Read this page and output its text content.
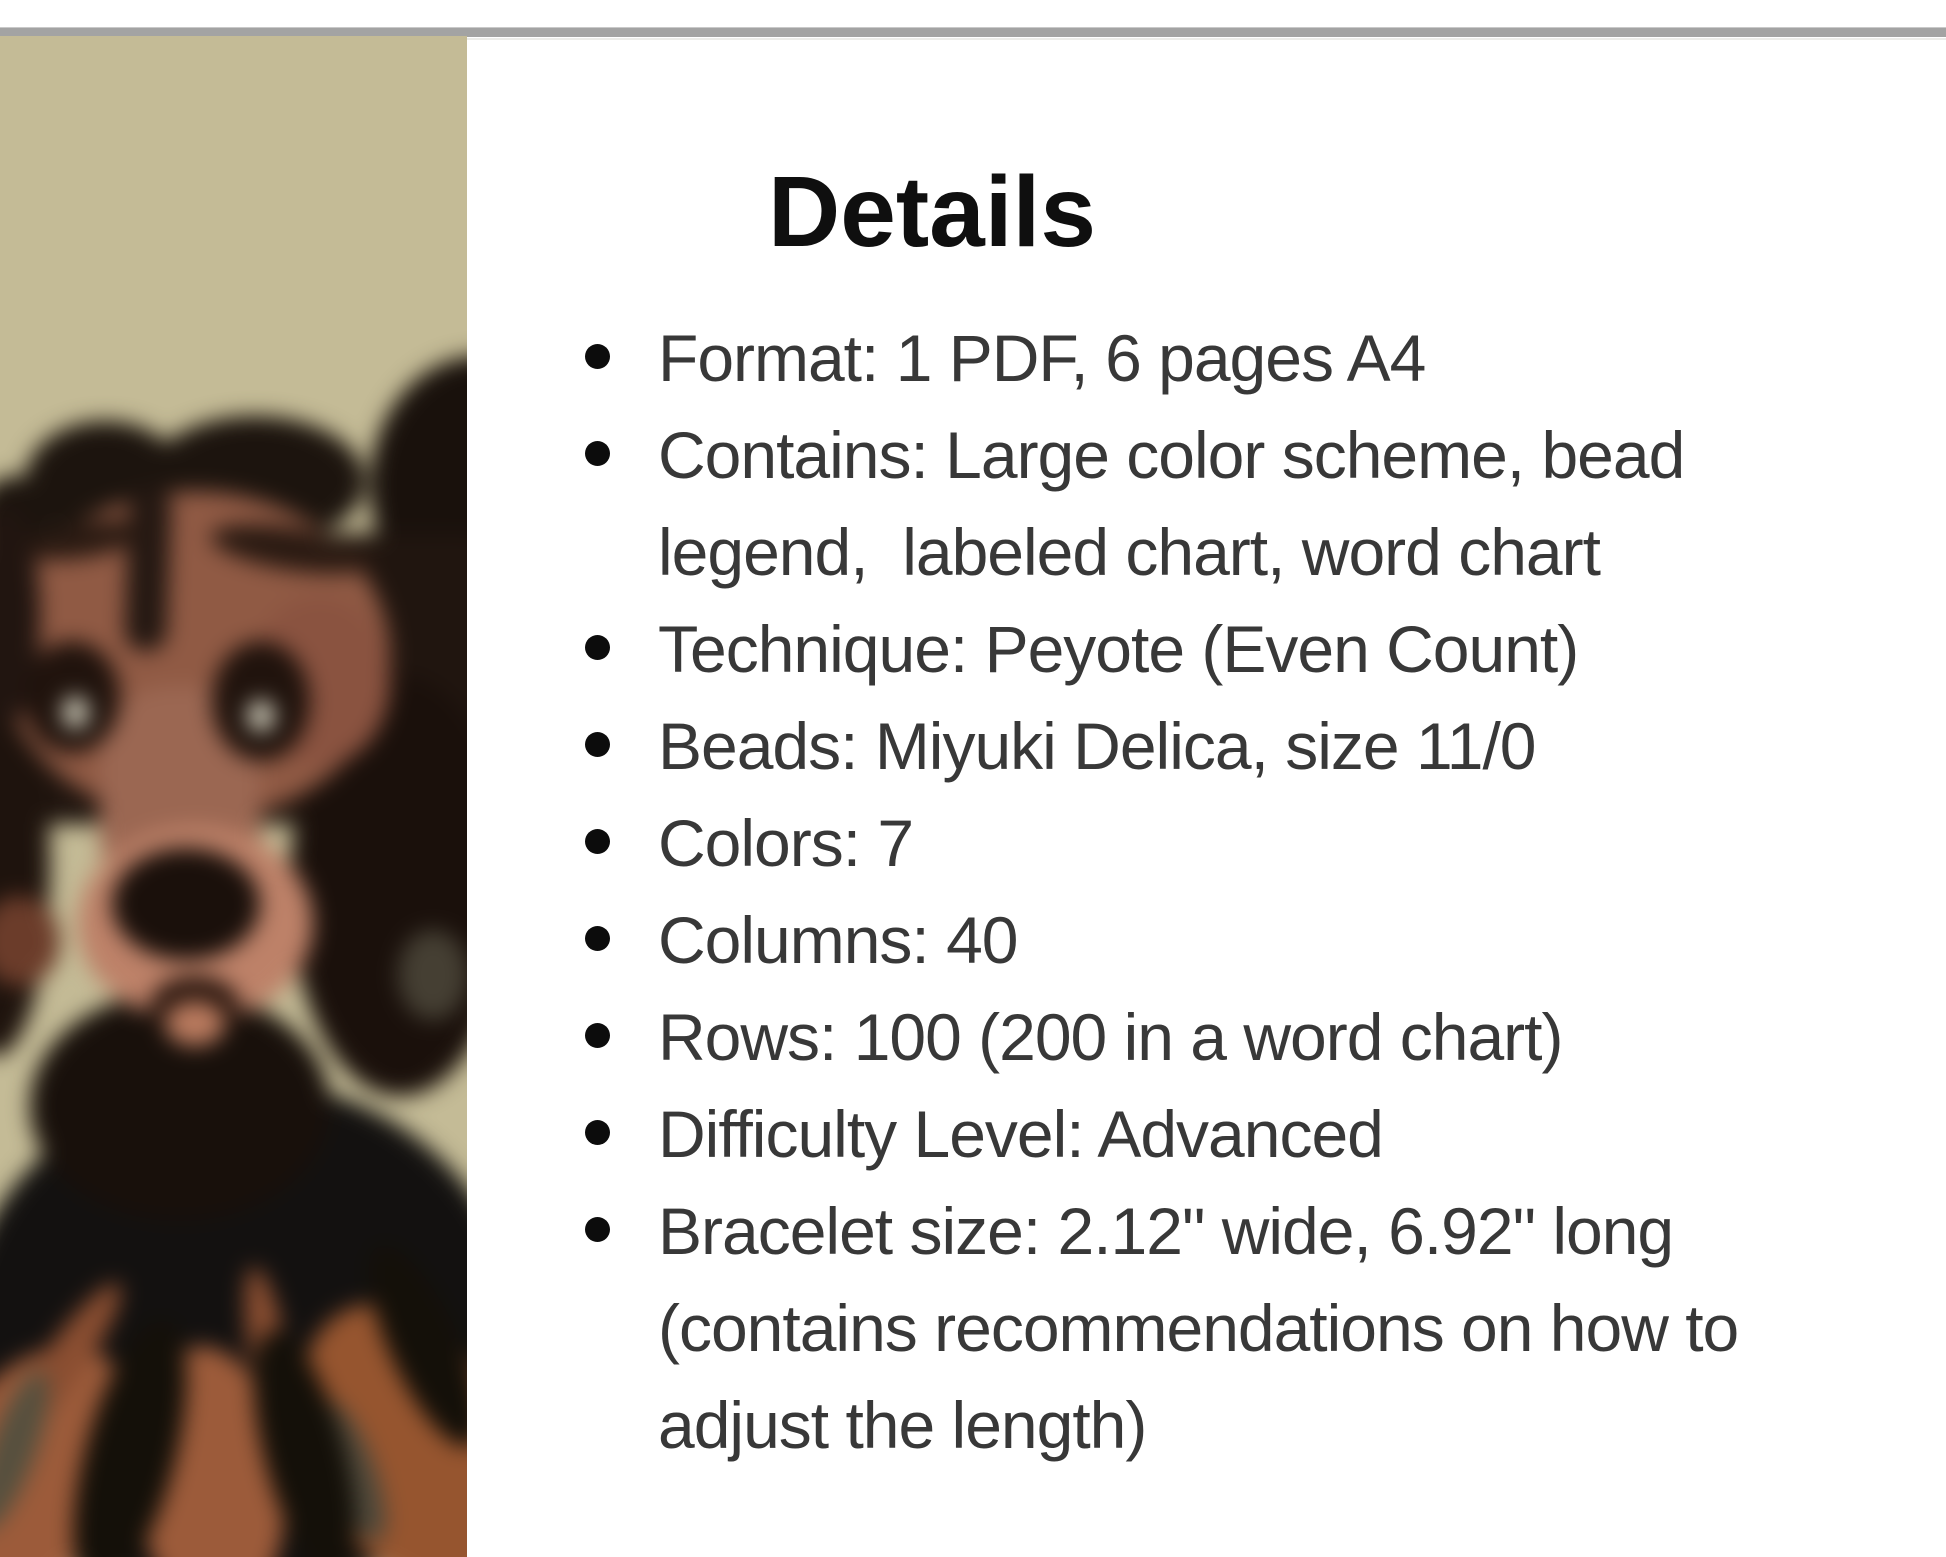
Details
Format: 1 PDF, 6 pages A4
Contains: Large color scheme, bead
legend,  labeled chart, word chart
Technique: Peyote (Even Count)
Beads: Miyuki Delica, size 11/0
Colors: 7
Columns: 40
Rows: 100 (200 in a word chart)
Difficulty Level: Advanced
Bracelet size: 2.12" wide, 6.92" long
(contains recommendations on how to
adjust the length)
